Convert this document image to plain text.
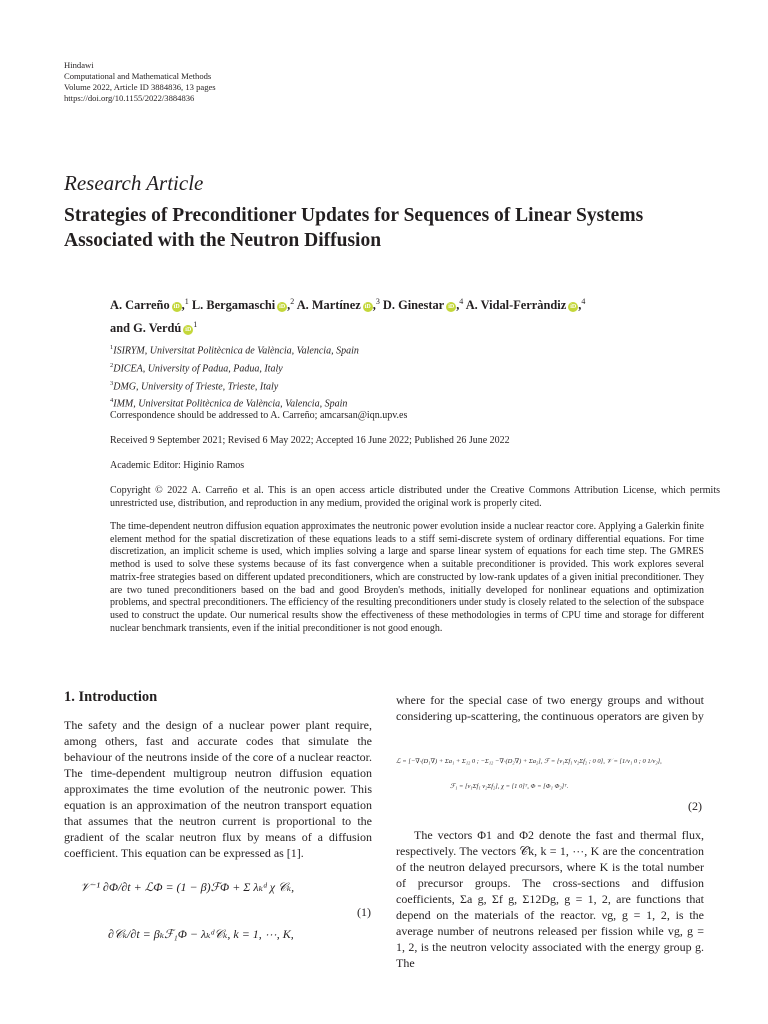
Hindawi
Computational and Mathematical Methods
Volume 2022, Article ID 3884836, 13 pages
https://doi.org/10.1155/2022/3884836
Research Article
Strategies of Preconditioner Updates for Sequences of Linear Systems Associated with the Neutron Diffusion
A. Carreño iD ,$^1$ L. Bergamaschi iD ,$^2$ A. Martínez iD ,$^3$ D. Ginestar iD ,$^4$ A. Vidal-Ferràndiz iD ,$^4$
and G. Verdú $iD^1$
$^1$ISIRYM, Universitat Politècnica de València, Valencia, Spain
$^2$DICEA, University of Padua, Padua, Italy
$^3$DMG, University of Trieste, Trieste, Italy
$^4$IMM, Universitat Politècnica de València, Valencia, Spain
Correspondence should be addressed to A. Carreño; amcarsan@iqn.upv.es
Received 9 September 2021; Revised 6 May 2022; Accepted 16 June 2022; Published 26 June 2022
Academic Editor: Higinio Ramos
Copyright © 2022 A. Carreño et al. This is an open access article distributed under the Creative Commons Attribution License, which permits unrestricted use, distribution, and reproduction in any medium, provided the original work is properly cited.
The time-dependent neutron diffusion equation approximates the neutronic power evolution inside a nuclear reactor core. Applying a Galerkin finite element method for the spatial discretization of these equations leads to a stiff semi-discrete system of ordinary differential equations. For time discretization, an implicit scheme is used, which implies solving a large and sparse linear system of equations for each time step. The GMRES method is used to solve these systems because of its fast convergence when a suitable preconditioner is provided. This work explores several matrix-free strategies based on different updated preconditioners, which are constructed by low-rank updates of a given initial preconditioner. They are two tuned preconditioners based on the bad and good Broyden's methods, initially developed for nonlinear equations and optimization problems, and spectral preconditioners. The efficiency of the resulting preconditioners under study is closely related to the selection of the subspace used to construct the update. Our numerical results show the effectiveness of these methodologies in terms of CPU time and storage for different nuclear benchmark transients, even if the initial preconditioner is not good enough.
1. Introduction
The safety and the design of a nuclear power plant require, among others, fast and accurate codes that simulate the behaviour of the neutrons inside of the core of a nuclear reactor. The time-dependent multigroup neutron diffusion equation approximates the time evolution of the neutronic power. This equation is an approximation of the neutron transport equation that assumes that the neutron current is proportional to the gradient of the scalar neutron flux by means of a diffusion coefficient. This equation can be expressed as [1].
𝒱⁻¹ ∂Φ/∂t + ℒΦ = (1 − β)ℱΦ + Σ λₖᵈ χ 𝒞ₖ,
∂𝒞ₖ/∂t = βₖℱ₁Φ − λₖᵈ𝒞ₖ, k = 1, ⋯, K,
(1)
where for the special case of two energy groups and without considering up-scattering, the continuous operators are given by
ℒ = [−∇·(D₁∇) + Σa₁ + Σ₁₂ 0 ; −Σ₁₂ −∇·(D₂∇) + Σa₂], ℱ = [ν₁Σf₁ ν₂Σf₂ ; 0 0], 𝒱 = [1/v₁ 0 ; 0 1/v₂],
ℱ₁ = [ν₁Σf₁ ν₂Σf₂], χ = [1 0]ᵀ, Φ = [Φ₁ Φ₂]ᵀ.
(2)
The vectors Φ1 and Φ2 denote the fast and thermal flux, respectively. The vectors 𝒞k, k = 1, ⋯, K are the concentration of the neutron delayed precursors, where K is the total number of precursor groups. The cross-sections and diffusion coefficients, Σa g, Σf g, Σ12Dg, g = 1, 2, are functions that depend on the materials of the reactor. νg, g = 1, 2, is the average number of neutrons released per fission while vg, g = 1, 2, is the neutron velocity associated with the energy group g. The
